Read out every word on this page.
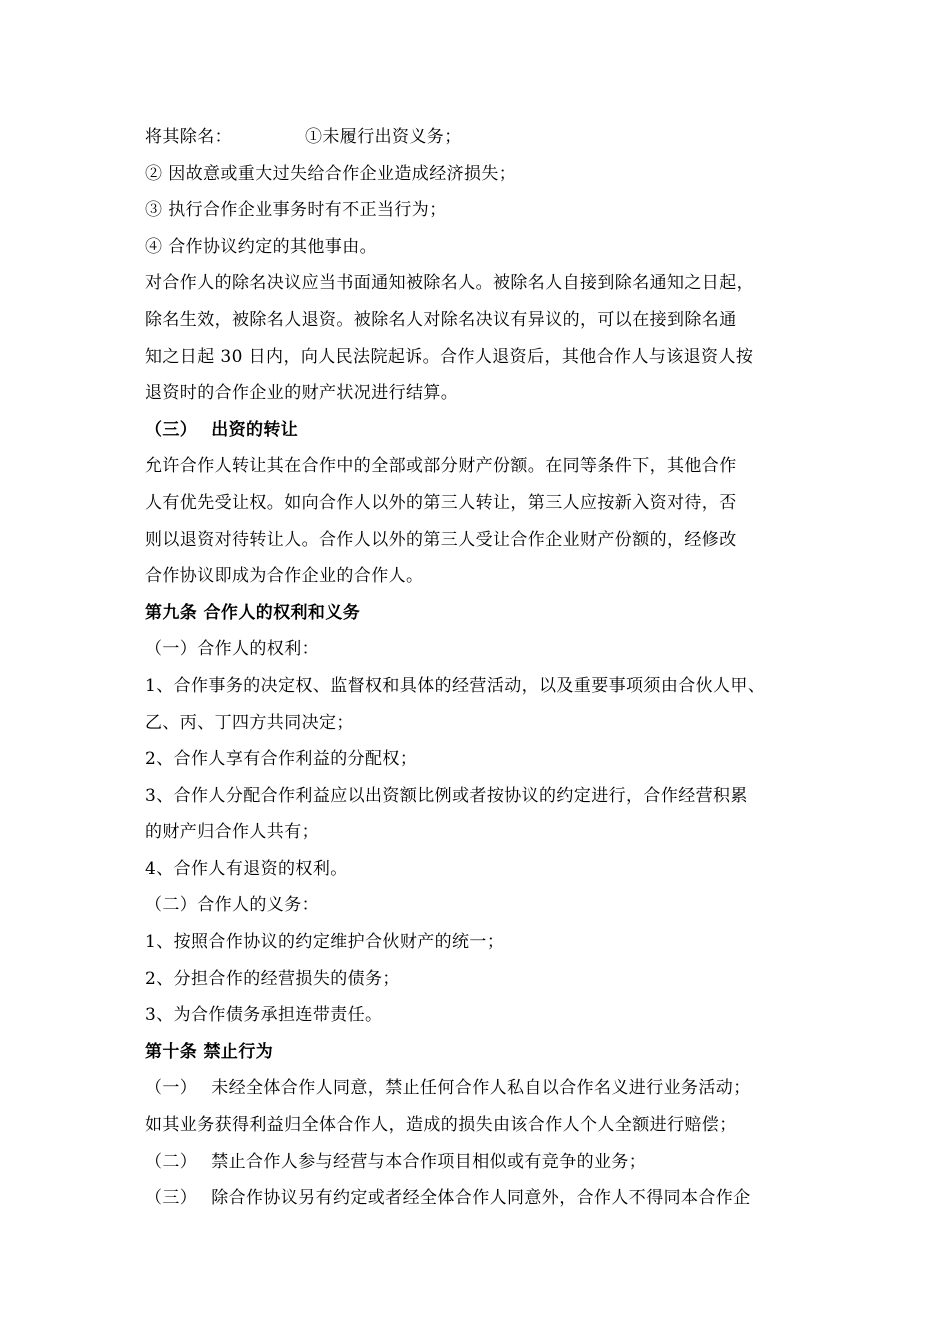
将其除名：	①未履行出资义务；
② 因故意或重大过失给合作企业造成经济损失；
③ 执行合作企业事务时有不正当行为；
④ 合作协议约定的其他事由。
对合作人的除名决议应当书面通知被除名人。被除名人自接到除名通知之日起，
除名生效，被除名人退资。被除名人对除名决议有异议的，可以在接到除名通
知之日起 30 日内，向人民法院起诉。合作人退资后，其他合作人与该退资人按
退资时的合作企业的财产状况进行结算。
（三） 出资的转让
允许合作人转让其在合作中的全部或部分财产份额。在同等条件下，其他合作
人有优先受让权。如向合作人以外的第三人转让，第三人应按新入资对待，否
则以退资对待转让人。合作人以外的第三人受让合作企业财产份额的，经修改
合作协议即成为合作企业的合作人。
第九条 合作人的权利和义务
（一）合作人的权利：
1、合作事务的决定权、监督权和具体的经营活动，以及重要事项须由合伙人甲、
乙、丙、丁四方共同决定；
2、合作人享有合作利益的分配权；
3、合作人分配合作利益应以出资额比例或者按协议的约定进行，合作经营积累
的财产归合作人共有；
4、合作人有退资的权利。
（二）合作人的义务：
1、按照合作协议的约定维护合伙财产的统一；
2、分担合作的经营损失的债务；
3、为合作债务承担连带责任。
第十条 禁止行为
（一） 未经全体合作人同意，禁止任何合作人私自以合作名义进行业务活动；
如其业务获得利益归全体合作人，造成的损失由该合作人个人全额进行赔偿；
（二） 禁止合作人参与经营与本合作项目相似或有竞争的业务；
（三） 除合作协议另有约定或者经全体合作人同意外，合作人不得同本合作企
